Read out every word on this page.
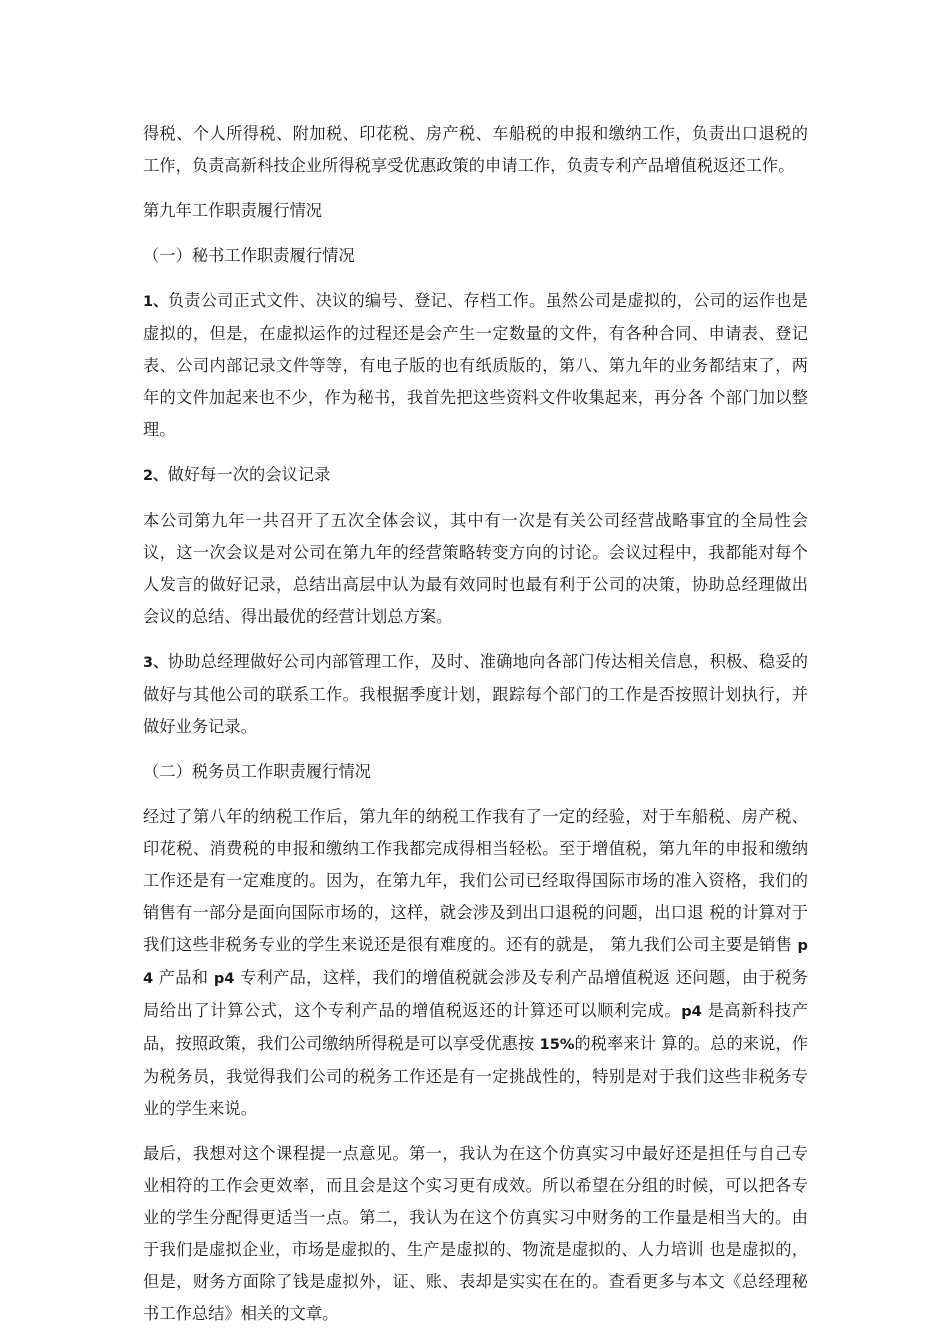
得税、个人所得税、附加税、印花税、房产税、车船税的申报和缴纳工作，负责出口退税的工作，负责高新科技企业所得税享受优惠政策的申请工作，负责专利产品增值税返还工作。

第九年工作职责履行情况

（一）秘书工作职责履行情况

1、负责公司正式文件、决议的编号、登记、存档工作。虽然公司是虚拟的，公司的运作也是虚拟的，但是，在虚拟运作的过程还是会产生一定数量的文件，有各种合同、申请表、登记表、公司内部记录文件等等，有电子版的也有纸质版的，第八、第九年的业务都结束了，两年的文件加起来也不少，作为秘书，我首先把这些资料文件收集起来，再分各 个部门加以整理。

2、做好每一次的会议记录

本公司第九年一共召开了五次全体会议，其中有一次是有关公司经营战略事宜的全局性会议，这一次会议是对公司在第九年的经营策略转变方向的讨论。会议过程中，我都能对每个人发言的做好记录，总结出高层中认为最有效同时也最有利于公司的决策，协助总经理做出会议的总结、得出最优的经营计划总方案。

3、协助总经理做好公司内部管理工作，及时、准确地向各部门传达相关信息，积极、稳妥的做好与其他公司的联系工作。我根据季度计划，跟踪每个部门的工作是否按照计划执行，并做好业务记录。

（二）税务员工作职责履行情况

经过了第八年的纳税工作后，第九年的纳税工作我有了一定的经验，对于车船税、房产税、印花税、消费税的申报和缴纳工作我都完成得相当轻松。至于增值税，第九年的申报和缴纳工作还是有一定难度的。因为，在第九年，我们公司已经取得国际市场的准入资格，我们的销售有一部分是面向国际市场的，这样，就会涉及到出口退税的问题，出口退 税的计算对于我们这些非税务专业的学生来说还是很有难度的。还有的就是， 第九我们公司主要是销售 p4 产品和 p4 专利产品，这样，我们的增值税就会涉及专利产品增值税返 还问题，由于税务局给出了计算公式，这个专利产品的增值税返还的计算还可以顺利完成。p4 是高新科技产品，按照政策，我们公司缴纳所得税是可以享受优惠按 15%的税率来计 算的。总的来说，作为税务员，我觉得我们公司的税务工作还是有一定挑战性的，特别是对于我们这些非税务专业的学生来说。

最后，我想对这个课程提一点意见。第一，我认为在这个仿真实习中最好还是担任与自己专业相符的工作会更效率，而且会是这个实习更有成效。所以希望在分组的时候，可以把各专业的学生分配得更适当一点。第二，我认为在这个仿真实习中财务的工作量是相当大的。由于我们是虚拟企业，市场是虚拟的、生产是虚拟的、物流是虚拟的、人力培训 也是虚拟的，但是，财务方面除了钱是虚拟外，证、账、表却是实实在在的。查看更多与本文《总经理秘书工作总结》相关的文章。
